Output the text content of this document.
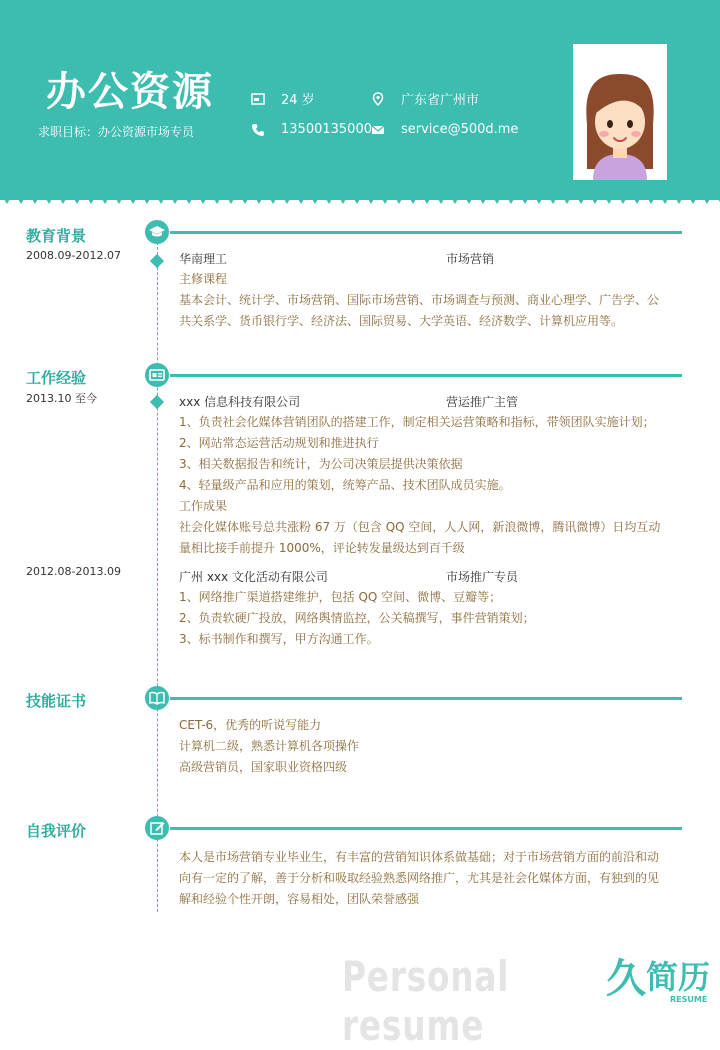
办公资源
求职目标：办公资源市场专员
24 岁	广东省广州市
13500135000 service@500d.me
教育背景
2008.09-2012.07	华南理工	市场营销
主修课程
基本会计、统计学、市场营销、国际市场营销、市场调查与预测、商业心理学、广告学、公
共关系学、货币银行学、经济法、国际贸易、大学英语、经济数学、计算机应用等。
工作经验
2013.10 至今	xxx 信息科技有限公司	营运推广主管
1、负责社会化媒体营销团队的搭建工作，制定相关运营策略和指标，带领团队实施计划；
2、网站常态运营活动规划和推进执行
3、相关数据报告和统计，为公司决策层提供决策依据
4、轻量级产品和应用的策划，统筹产品、技术团队成员实施。
工作成果
社会化媒体账号总共涨粉 67 万（包含 QQ 空间，人人网，新浪微博，腾讯微博）日均互动
量相比接手前提升 1000%，评论转发量级达到百千级
2012.08-2013.09	广州 xxx 文化活动有限公司	市场推广专员
1、网络推广渠道搭建维护，包括 QQ 空间、微博、豆瓣等；
2、负责软硬广投放，网络舆情监控，公关稿撰写，事件营销策划；
3、标书制作和撰写，甲方沟通工作。
技能证书
CET-6，优秀的听说写能力
计算机二级，熟悉计算机各项操作
高级营销员，国家职业资格四级
自我评价
本人是市场营销专业毕业生，有丰富的营销知识体系做基础；对于市场营销方面的前沿和动
向有一定的了解，善于分析和吸取经验熟悉网络推广，尤其是社会化媒体方面，有独到的见
解和经验个性开朗，容易相处，团队荣誉感强
Personal resume
久 简历
RESUME
